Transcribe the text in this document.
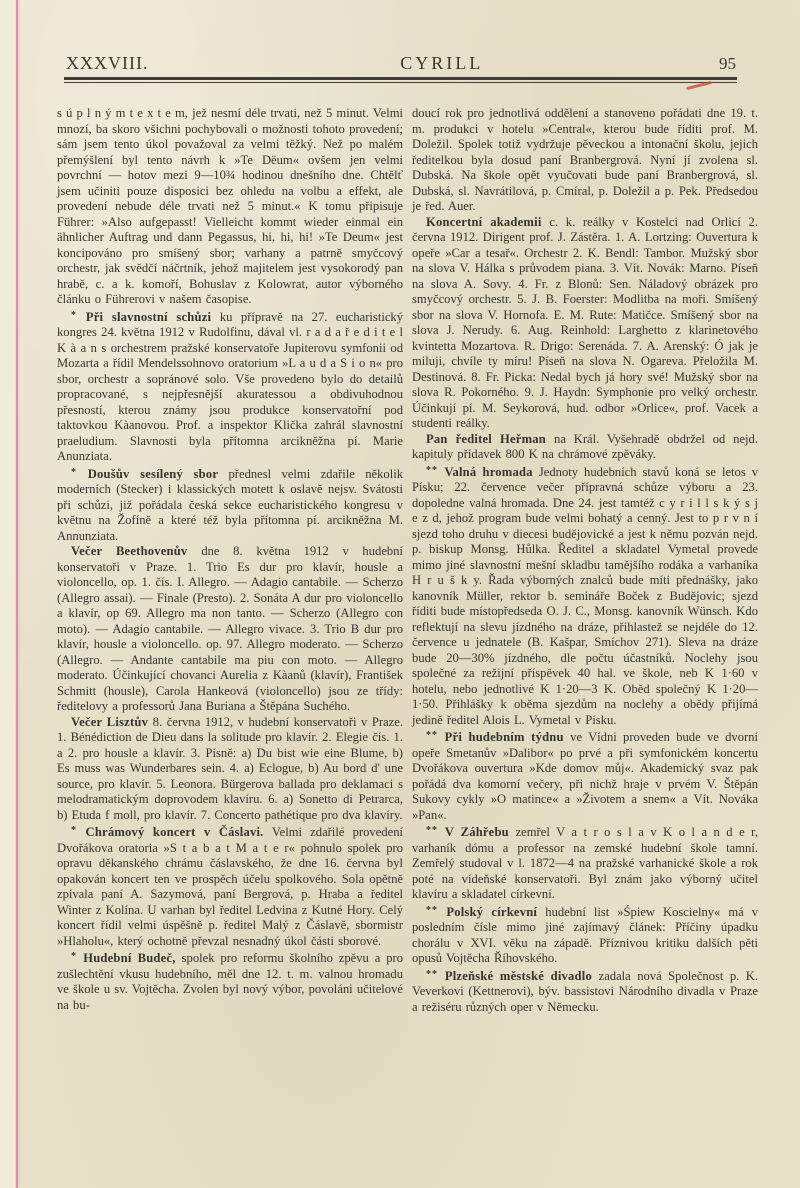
XXXVIII.	CYRILL	95

s ú p l n ý m t e x t e m, jež nesmí déle trvati, než 5 minut. Velmi mnozí, ba skoro všichni pochybovali o možnosti tohoto provedení; sám jsem tento úkol považoval za velmi těžký. Než po malém přemýšlení byl tento návrh k »Te Dëum« ovšem jen velmi povrchní — hotov mezi 9—10¾ hodinou dnešního dne. Chtělť jsem učiniti pouze disposici bez ohledu na volbu a effekt, ale provedení nebude déle trvati než 5 minut.« K tomu připisuje Führer: »Also aufgepasst! Vielleicht kommt wieder einmal ein ähnlicher Auftrag und dann Pegassus, hi, hi, hi! »Te Deum« jest koncipováno pro smíšený sbor; varhany a patrně smyčcový orchestr, jak svědčí náčrtník, jehož majitelem jest vysokorodý pan hrabě, c. a k. komoří, Bohuslav z Kolowrat, autor výborného článku o Führerovi v našem časopise.

* Při slavnostní schůzi ku přípravě na 27. eucharistický kongres 24. května 1912 v Rudolfinu, dával vl. r a d a ř e d i t e l K à a n s orchestrem pražské konservatoře Jupiterovu symfonii od Mozarta a řídil Mendelssohnovo oratorium »L a u d a S i o n« pro sbor, orchestr a sopránové solo. Vše provedeno bylo do detailů propracované, s nejpřesnější akuratessou a obdivuhodnou přesností, kterou známy jsou produkce konservatořní pod taktovkou Kàanovou. Prof. a inspektor Klička zahrál slavnostní praeludium. Slavnosti byla přítomna arcikněžna pí. Marie Anunziata.

* Doušův sesílený sbor přednesl velmi zdařile několik moderních (Stecker) i klassických motett k oslavě nejsv. Svátosti při schůzi, již pořádala česká sekce eucharistického kongresu v květnu na Žofíně a které též byla přítomna pí. arcikněžna M. Annunziata.

Večer Beethovenův dne 8. května 1912 v hudební konservatoři v Praze. 1. Trio Es dur pro klavír, housle a violoncello, op. 1. čís. I. Allegro. — Adagio cantabile. — Scherzo (Allegro assai). — Finale (Presto). 2. Sonáta A dur pro violoncello a klavír, op 69. Allegro ma non tanto. — Scherzo (Allegro con moto). — Adagio cantabile. — Allegro vivace. 3. Trio B dur pro klavír, housle a violoncello. op. 97. Allegro moderato. — Scherzo (Allegro. — Andante cantabile ma piu con moto. — Allegro moderato. Účinkující chovanci Aurelia z Kàanů (klavír), František Schmitt (housle), Carola Hankeová (violoncello) jsou ze třídy: ředitelovy a professorů Jana Buriana a Štěpána Suchého.

Večer Lisztův 8. června 1912, v hudební konservatoři v Praze. 1. Bénédiction de Dieu dans la solitude pro klavír. 2. Elegie čís. 1. a 2. pro housle a klavír. 3. Písně: a) Du bist wie eine Blume, b) Es muss was Wunderbares sein. 4. a) Eclogue, b) Au bord d' une source, pro klavír. 5. Leonora. Bürgerova ballada pro deklamaci s melodramatickým doprovodem klavíru. 6. a) Sonetto di Petrarca, b) Etuda f moll, pro klavír. 7. Concerto pathétique pro dva klavíry.

* Chrámový koncert v Čáslavi. Velmi zdařilé provedení Dvořákova oratoria »S t a b a t M a t e r« pohnulo spolek pro opravu děkanského chrámu čáslavského, že dne 16. června byl opakován koncert ten ve prospěch účelu spolkového. Sola opětně zpívala paní A. Sazymová, paní Bergrová, p. Hraba a ředitel Winter z Kolína. U varhan byl ředitel Ledvina z Kutné Hory. Celý koncert řídil velmi úspěšně p. ředitel Malý z Čáslavě, sbormistr »Hlaholu«, který ochotně převzal nesnadný úkol části sborové.

* Hudební Budeč, spolek pro reformu školního zpěvu a pro zušlechtění vkusu hudebního, měl dne 12. t. m. valnou hromadu ve škole u sv. Vojtěcha. Zvolen byl nový výbor, povoláni učitelové na bu-

doucí rok pro jednotlivá oddělení a stanoveno pořádati dne 19. t. m. produkci v hotelu »Central«, kterou bude říditi prof. M. Doležil. Spolek totiž vydržuje pěveckou a intonační školu, jejich ředitelkou byla dosud paní Branbergrová. Nyní jí zvolena sl. Dubská. Na škole opět vyučovati bude paní Branbergrová, sl. Dubská, sl. Navrátilová, p. Cmíral, p. Doležil a p. Pek. Předsedou je řed. Auer.

Koncertní akademii c. k. reálky v Kostelci nad Orlicí 2. června 1912. Dirigent prof. J. Zástěra. 1. A. Lortzing: Ouvertura k opeře »Car a tesař«. Orchestr 2. K. Bendl: Tambor. Mužský sbor na slova V. Hálka s průvodem piana. 3. Vít. Novák: Marno. Píseň na slova A. Sovy. 4. Fr. z Blonů: Sen. Náladový obrázek pro smyčcový orchestr. 5. J. B. Foerster: Modlitba na moři. Smíšený sbor na slova V. Hornofa. E. M. Rute: Matičce. Smíšený sbor na slova J. Nerudy. 6. Aug. Reinhold: Larghetto z klarinetového kvintetta Mozartova. R. Drigo: Serenáda. 7. A. Arenský: Ó jak je miluji, chvíle ty míru! Píseň na slova N. Ogareva. Přeložila M. Destinová. 8. Fr. Picka: Nedal bych já hory své! Mužský sbor na slova R. Pokorného. 9. J. Haydn: Symphonie pro velký orchestr. Účinkují pí. M. Seykorová, hud. odbor »Orlice«, prof. Vacek a studenti reálky.

Pan ředitel Heřman na Král. Vyšehradě obdržel od nejd. kapituly přídavek 800 K na chrámové zpěváky.

** Valná hromada Jednoty hudebních stavů koná se letos v Písku; 22. července večer přípravná schůze výboru a 23. dopoledne valná hromada. Dne 24. jest tamtéž c y r i l l s k ý s j e z d, jehož program bude velmi bohatý a cenný. Jest to p r v n í sjezd toho druhu v diecesi budějovické a jest k němu pozván nejd. p. biskup Monsg. Hůlka. Ředitel a skladatel Vymetal provede mimo jiné slavnostní mešní skladbu tamějšího rodáka a varhaníka H r u š k y. Řada výborných znalců bude míti přednášky, jako kanovník Müller, rektor b. semináře Boček z Budějovic; sjezd říditi bude místopředseda O. J. C., Monsg. kanovník Wünsch. Kdo reflektují na slevu jízdného na dráze, přihlastež se nejdéle do 12. července u jednatele (B. Kašpar, Smíchov 271). Sleva na dráze bude 20—30% jízdného, dle počtu účastníků. Noclehy jsou společné za režijní příspěvek 40 hal. ve škole, neb K 1·60 v hotelu, nebo jednotlivé K 1·20—3 K. Oběd společný K 1·20—1·50. Přihlášky k oběma sjezdům na noclehy a obědy přijímá jedině ředitel Alois L. Vymetal v Písku.

** Při hudebním týdnu ve Vídni proveden bude ve dvorní opeře Smetanův »Dalibor« po prvé a při symfonickém koncertu Dvořákova ouvertura »Kde domov můj«. Akademický svaz pak pořádá dva komorní večery, při nichž hraje v prvém V. Štěpán Sukovy cykly »O matince« a »Životem a snem« a Vít. Nováka »Pan«.

** V Záhřebu zemřel V a t r o s l a v K o l a n d e r, varhaník dómu a professor na zemské hudební škole tamní. Zemřelý studoval v l. 1872—4 na pražské varhanické škole a rok poté na vídeňské konservatoři. Byl znám jako výborný učitel klavíru a skladatel církevní.

** Polský církevní hudební list »Śpiew Koscielny« má v posledním čísle mimo jiné zajímavý článek: Příčiny úpadku chorálu v XVI. věku na západě. Příznivou kritiku dalších pěti opusů Vojtěcha Říhovského.

** Plzeňské městské divadlo zadala nová Společnost p. K. Veverkovi (Kettnerovi), býv. bassistovi Národního divadla v Praze a režiséru různých oper v Německu.
